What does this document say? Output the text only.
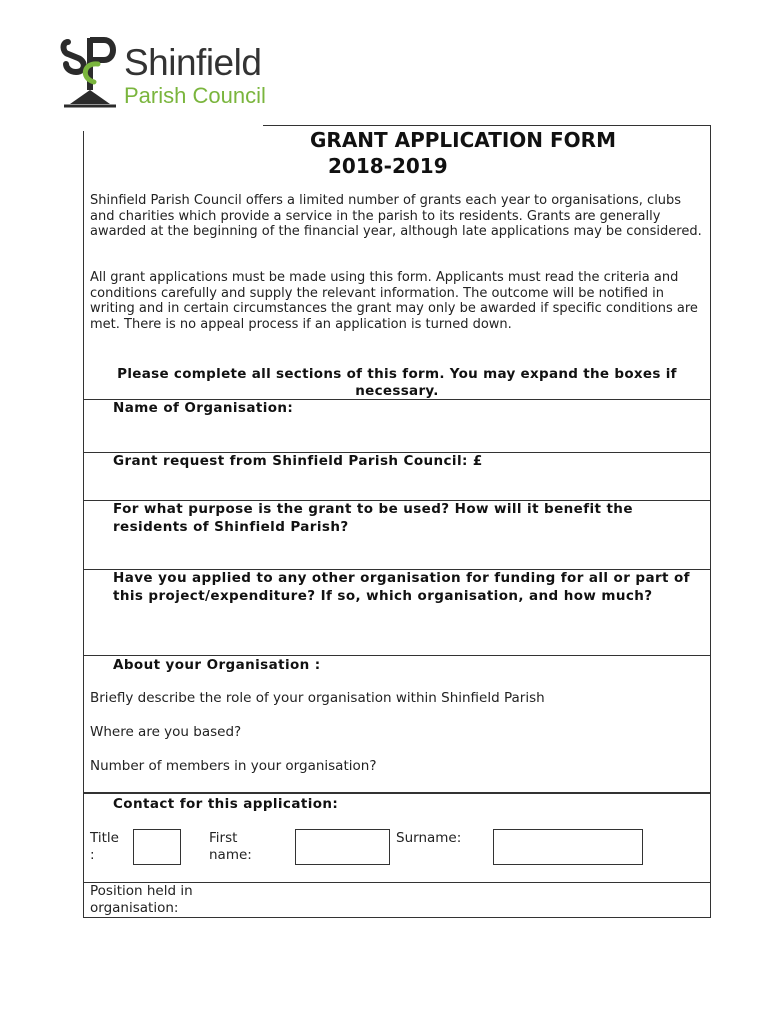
Shinfield
Parish Council
GRANT APPLICATION FORM
2018-2019
Shinfield Parish Council offers a limited number of grants each year to organisations, clubs and charities which provide a service in the parish to its residents. Grants are generally awarded at the beginning of the financial year, although late applications may be considered.
All grant applications must be made using this form. Applicants must read the criteria and conditions carefully and supply the relevant information. The outcome will be notified in writing and in certain circumstances the grant may only be awarded if specific conditions are met. There is no appeal process if an application is turned down.
Please complete all sections of this form. You may expand the boxes if necessary.
Name of Organisation:
Grant request from Shinfield Parish Council: £
For what purpose is the grant to be used? How will it benefit the residents of Shinfield Parish?
Have you applied to any other organisation for funding for all or part of this project/expenditure? If so, which organisation, and how much?
About your Organisation :
Briefly describe the role of your organisation within Shinfield Parish
Where are you based?
Number of members in your organisation?
Contact for this application:
Title
:
First
name:
Surname:
Position held in
organisation:
